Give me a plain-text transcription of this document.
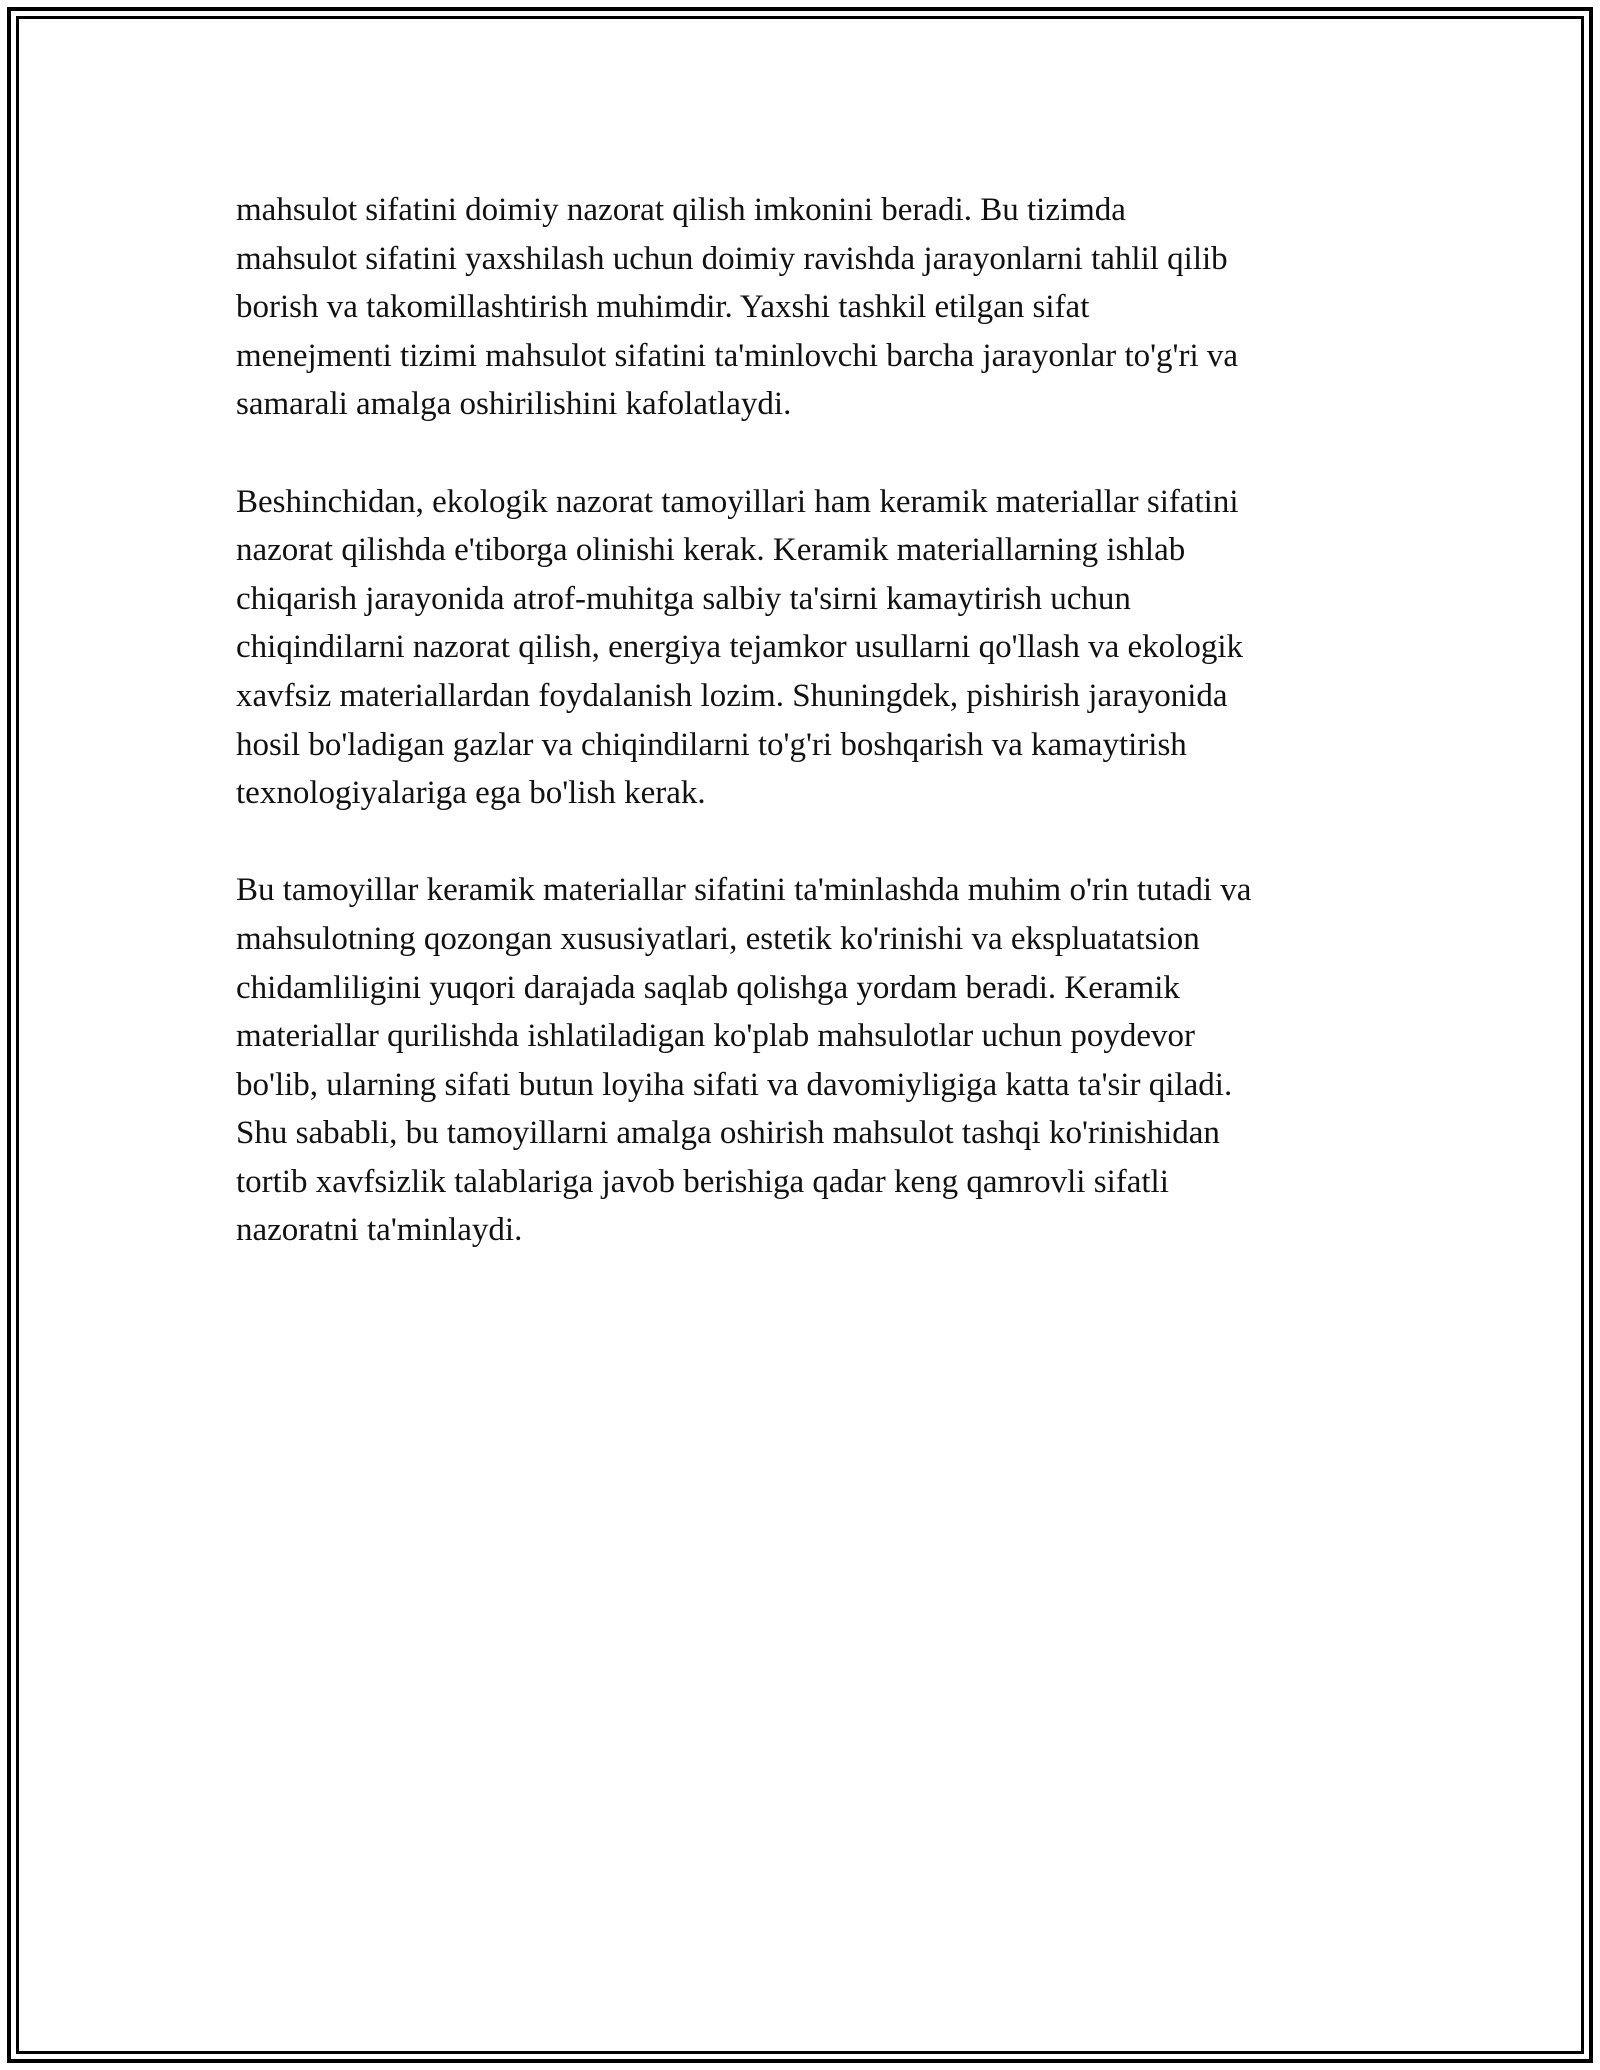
mahsulot sifatini doimiy nazorat qilish imkonini beradi. Bu tizimda
mahsulot sifatini yaxshilash uchun doimiy ravishda jarayonlarni tahlil qilib
borish va takomillashtirish muhimdir. Yaxshi tashkil etilgan sifat
menejmenti tizimi mahsulot sifatini ta'minlovchi barcha jarayonlar to'g'ri va
samarali amalga oshirilishini kafolatlaydi.

Beshinchidan, ekologik nazorat tamoyillari ham keramik materiallar sifatini
nazorat qilishda e'tiborga olinishi kerak. Keramik materiallarning ishlab
chiqarish jarayonida atrof-muhitga salbiy ta'sirni kamaytirish uchun
chiqindilarni nazorat qilish, energiya tejamkor usullarni qo'llash va ekologik
xavfsiz materiallardan foydalanish lozim. Shuningdek, pishirish jarayonida
hosil bo'ladigan gazlar va chiqindilarni to'g'ri boshqarish va kamaytirish
texnologiyalariga ega bo'lish kerak.

Bu tamoyillar keramik materiallar sifatini ta'minlashda muhim o'rin tutadi va
mahsulotning qozongan xususiyatlari, estetik ko'rinishi va ekspluatatsion
chidamliligini yuqori darajada saqlab qolishga yordam beradi. Keramik
materiallar qurilishda ishlatiladigan ko'plab mahsulotlar uchun poydevor
bo'lib, ularning sifati butun loyiha sifati va davomiyligiga katta ta'sir qiladi.
Shu sababli, bu tamoyillarni amalga oshirish mahsulot tashqi ko'rinishidan
tortib xavfsizlik talablariga javob berishiga qadar keng qamrovli sifatli
nazoratni ta'minlaydi.
